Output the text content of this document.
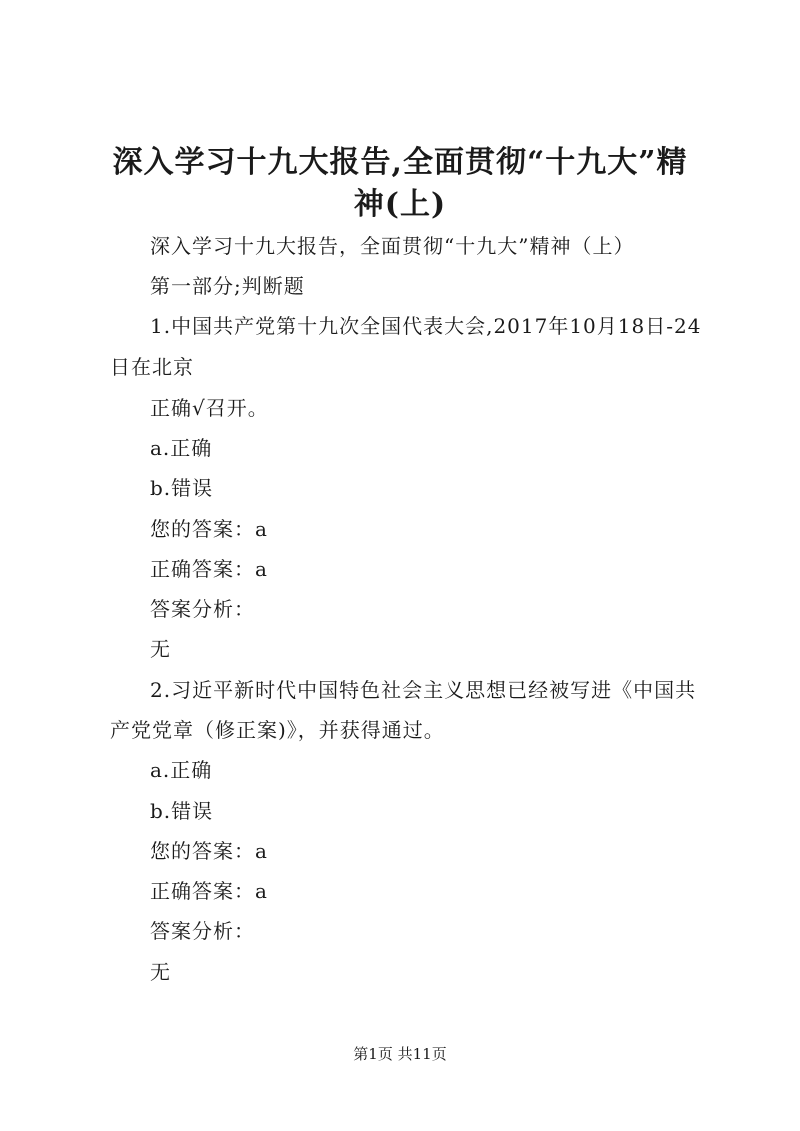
深入学习十九大报告,全面贯彻“十九大”精神(上)
深入学习十九大报告，全面贯彻“十九大”精神（上）
第一部分;判断题
1.中国共产党第十九次全国代表大会,2017年10月18日-24
日在北京
正确√召开。
a.正确
b.错误
您的答案：a
正确答案：a
答案分析：
无
2.习近平新时代中国特色社会主义思想已经被写进《中国共
产党党章（修正案)》，并获得通过。
a.正确
b.错误
您的答案：a
正确答案：a
答案分析：
无
第1页 共11页
